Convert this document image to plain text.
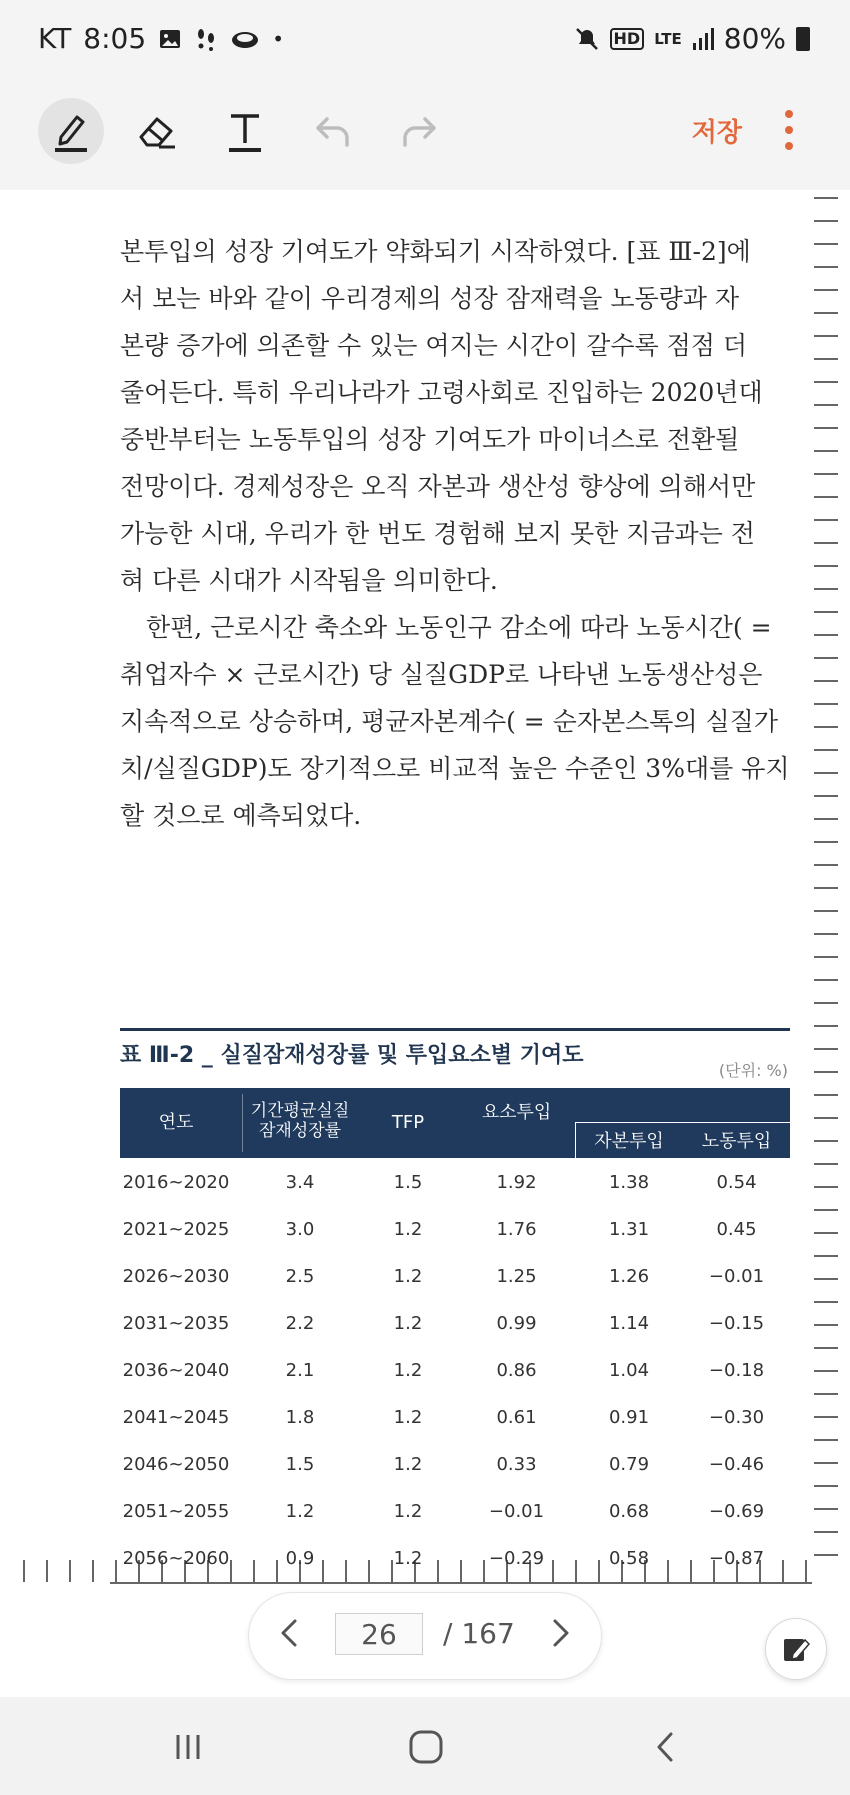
KT 8:05	•	HD LTE 80%
저장
본투입의 성장 기여도가 약화되기 시작하였다. [표 Ⅲ-2]에
서 보는 바와 같이 우리경제의 성장 잠재력을 노동량과 자
본량 증가에 의존할 수 있는 여지는 시간이 갈수록 점점 더
줄어든다. 특히 우리나라가 고령사회로 진입하는 2020년대
중반부터는 노동투입의 성장 기여도가 마이너스로 전환될
전망이다. 경제성장은 오직 자본과 생산성 향상에 의해서만
가능한 시대, 우리가 한 번도 경험해 보지 못한 지금과는 전
혀 다른 시대가 시작됨을 의미한다.
한편, 근로시간 축소와 노동인구 감소에 따라 노동시간( =
취업자수 × 근로시간) 당 실질GDP로 나타낸 노동생산성은
지속적으로 상승하며, 평균자본계수( = 순자본스톡의 실질가
치/실질GDP)도 장기적으로 비교적 높은 수준인 3%대를 유지
할 것으로 예측되었다.
표 Ⅲ-2 _ 실질잠재성장률 및 투입요소별 기여도
(단위: %)
연도
기간평균실질
잠재성장률	TFP	요소투입
자본투입	노동투입
2016~2020	3.4	1.5	1.92	1.38	0.54
2021~2025	3.0	1.2	1.76	1.31	0.45
2026~2030	2.5	1.2	1.25	1.26	−0.01
2031~2035	2.2	1.2	0.99	1.14	−0.15
2036~2040	2.1	1.2	0.86	1.04	−0.18
2041~2045	1.8	1.2	0.61	0.91	−0.30
2046~2050	1.5	1.2	0.33	0.79	−0.46
2051~2055	1.2	1.2	−0.01	0.68	−0.69
2056~2060	0.9	1.2	−0.29	0.58	−0.87
26	/ 167
